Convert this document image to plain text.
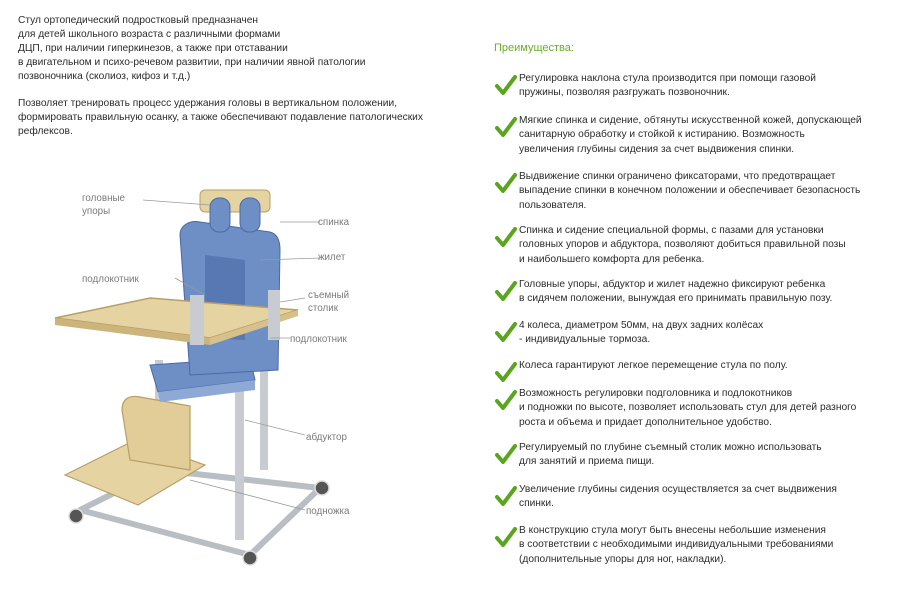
Стул ортопедический подростковый предназначен
для детей школьного возраста с различными формами
ДЦП, при наличии гиперкинезов, а также при отставании
в двигательном и психо-речевом развитии, при наличии явной патологии
позвоночника (сколиоз, кифоз и т.д.)

Позволяет тренировать процесс удержания головы в вертикальном положении,
формировать правильную осанку, а также обеспечивают подавление патологических
рефлексов.

головные
упоры
спинка
жилет
подлокотник
съемный
столик
подлокотник
абдуктор
подножка
Преимущества:
Регулировка наклона стула производится при помощи газовой
пружины, позволяя разгружать позвоночник.
Мягкие спинка и сидение, обтянуты искусственной кожей, допускающей
санитарную обработку и стойкой к истиранию. Возможность
увеличения глубины сидения за счет выдвижения спинки.
Выдвижение спинки ограничено фиксаторами, что предотвращает
выпадение спинки в конечном положении и обеспечивает безопасность
пользователя.
Спинка и сидение специальной формы, с пазами для установки
головных упоров и абдуктора, позволяют добиться правильной позы
и наибольшего комфорта для ребенка.
Головные упоры, абдуктор и жилет надежно фиксируют ребенка
в сидячем положении, вынуждая его принимать правильную позу.
4 колеса, диаметром 50мм, на двух задних колёсах
- индивидуальные тормоза.
Колеса гарантируют легкое перемещение стула по полу.
Возможность регулировки подголовника и подлокотников
и подножки по высоте, позволяет использовать стул для детей разного
роста и объема и придает дополнительное удобство.
Регулируемый по глубине съемный столик можно использовать
для занятий и приема пищи.
Увеличение глубины сидения осуществляется за счет выдвижения
спинки.
В конструкцию стула могут быть внесены небольшие изменения
в соответствии с необходимыми индивидуальными требованиями
(дополнительные упоры для ног, накладки).
